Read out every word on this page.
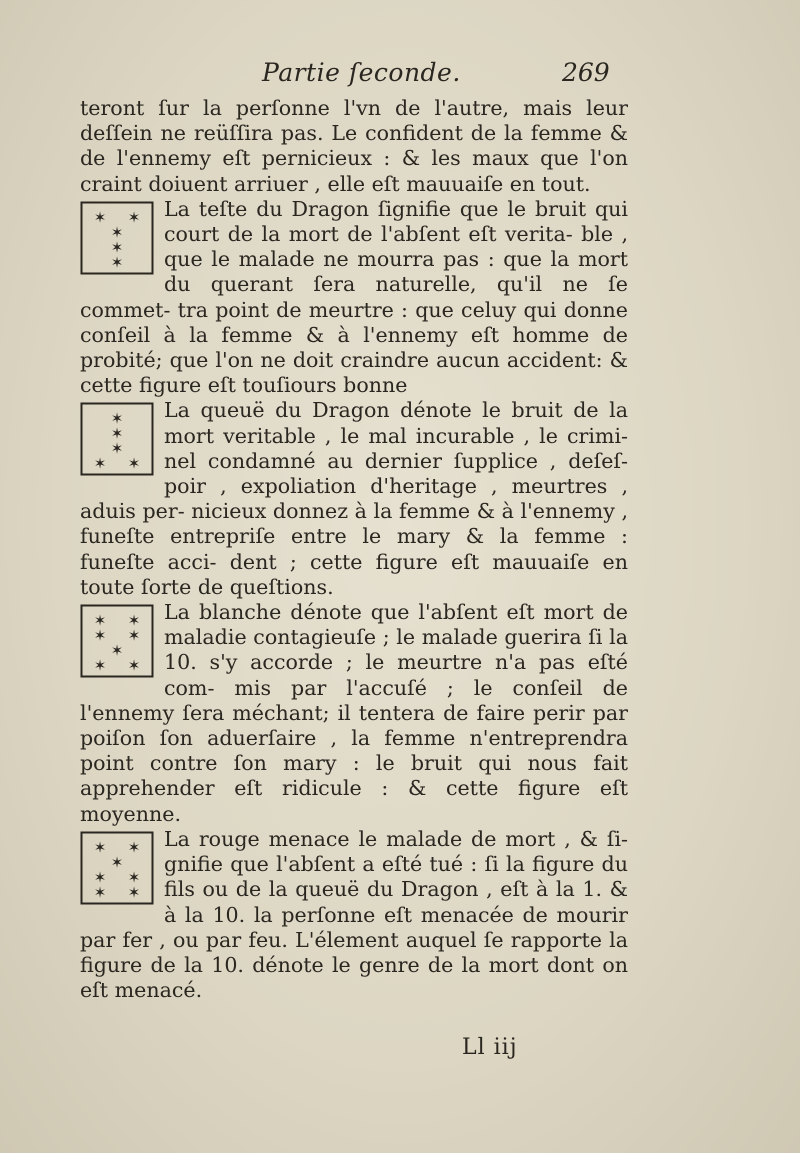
Partie ſeconde.	269

teront ſur la perſonne l'vn de l'autre, mais leur deſſein ne reüſſira pas. Le confident de la femme & de l'ennemy eſt pernicieux : & les maux que l'on craint doiuent arriuer , elle eſt mauuaiſe en tout.

✶ ✶
✶
✶
✶

La teſte du Dragon ſignifie que le bruit qui court de la mort de l'abſent eſt verita- ble , que le malade ne mourra pas : que la mort du querant ſera naturelle, qu'il ne ſe commet- tra point de meurtre : que celuy qui donne conſeil à la femme & à l'ennemy eſt homme de probité; que l'on ne doit craindre aucun accident: & cette figure eſt touſiours bonne

✶
✶
✶
✶ ✶

La queuë du Dragon dénote le bruit de la mort veritable , le mal incurable , le crimi- nel condamné au dernier ſupplice , deſeſ- poir , expoliation d'heritage , meurtres , aduis per- nicieux donnez à la femme & à l'ennemy , funeſte entrepriſe entre le mary & la femme : funeſte acci- dent ; cette figure eſt mauuaiſe en toute ſorte de queſtions.

✶ ✶
✶ ✶
✶
✶ ✶

La blanche dénote que l'abſent eſt mort de maladie contagieuſe ; le malade guerira ſi la 10. s'y accorde ; le meurtre n'a pas eſté com- mis par l'accuſé ; le conſeil de l'ennemy ſera méchant; il tentera de faire perir par poiſon ſon aduerſaire , la femme n'entreprendra point contre ſon mary : le bruit qui nous fait apprehender eſt ridicule : & cette figure eſt moyenne.

✶ ✶
✶
✶ ✶
✶ ✶

La rouge menace le malade de mort , & ſi- gnifie que l'abſent a eſté tué : ſi la figure du fils ou de la queuë du Dragon , eſt à la 1. & à la 10. la perſonne eſt menacée de mourir par fer , ou par feu. L'élement auquel ſe rapporte la figure de la 10. dénote le genre de la mort dont on eſt menacé.

Ll iij
